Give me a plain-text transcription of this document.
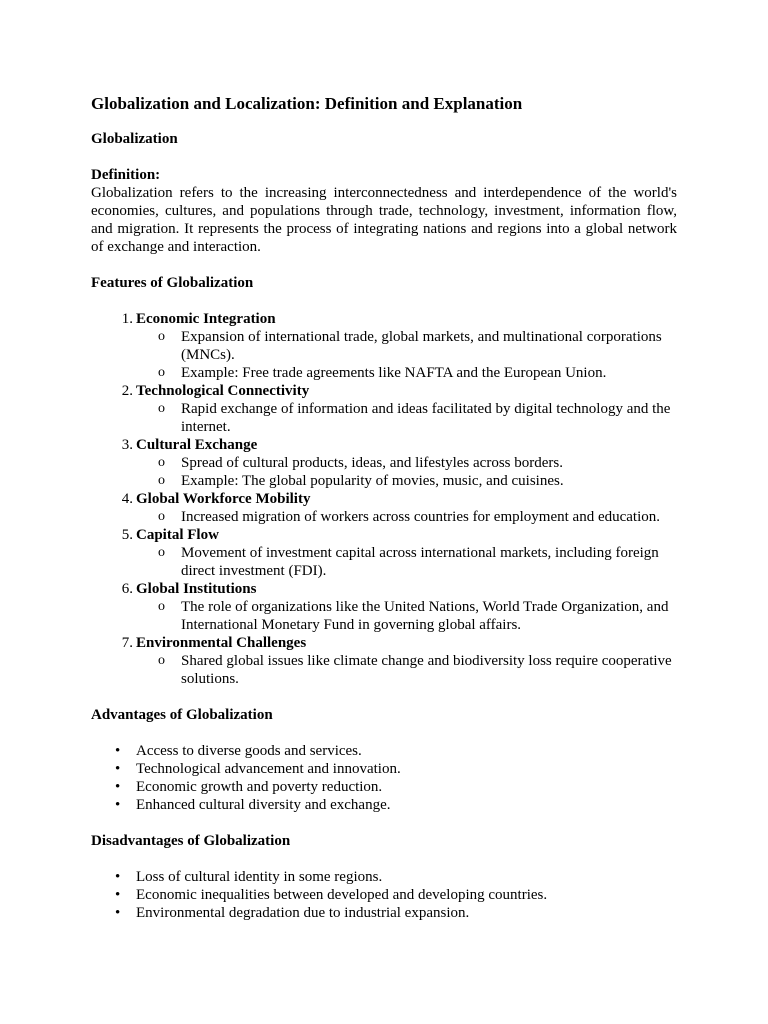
Globalization and Localization: Definition and Explanation
Globalization
Definition:

Globalization refers to the increasing interconnectedness and interdependence of the world's economies, cultures, and populations through trade, technology, investment, information flow, and migration. It represents the process of integrating nations and regions into a global network of exchange and interaction.

Features of Globalization
1. Economic Integration
o Expansion of international trade, global markets, and multinational corporations (MNCs).
o Example: Free trade agreements like NAFTA and the European Union.
2. Technological Connectivity
o Rapid exchange of information and ideas facilitated by digital technology and the internet.
3. Cultural Exchange
o Spread of cultural products, ideas, and lifestyles across borders.
o Example: The global popularity of movies, music, and cuisines.
4. Global Workforce Mobility
o Increased migration of workers across countries for employment and education.
5. Capital Flow
o Movement of investment capital across international markets, including foreign direct investment (FDI).
6. Global Institutions
o The role of organizations like the United Nations, World Trade Organization, and International Monetary Fund in governing global affairs.
7. Environmental Challenges
o Shared global issues like climate change and biodiversity loss require cooperative solutions.
Advantages of Globalization
• Access to diverse goods and services.
• Technological advancement and innovation.
• Economic growth and poverty reduction.
• Enhanced cultural diversity and exchange.
Disadvantages of Globalization
• Loss of cultural identity in some regions.
• Economic inequalities between developed and developing countries.
• Environmental degradation due to industrial expansion.
